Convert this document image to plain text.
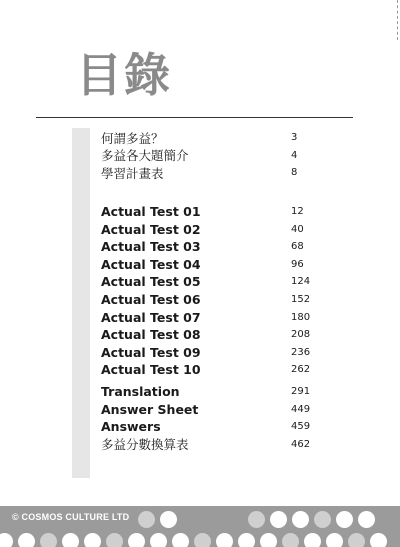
目錄
何謂多益？	3
多益各大題簡介	4
學習計畫表	8
Actual Test 01	12
Actual Test 02	40
Actual Test 03	68
Actual Test 04	96
Actual Test 05	124
Actual Test 06	152
Actual Test 07	180
Actual Test 08	208
Actual Test 09	236
Actual Test 10	262
Translation	291
Answer Sheet	449
Answers	459
多益分數換算表	462
© COSMOS CULTURE LTD
